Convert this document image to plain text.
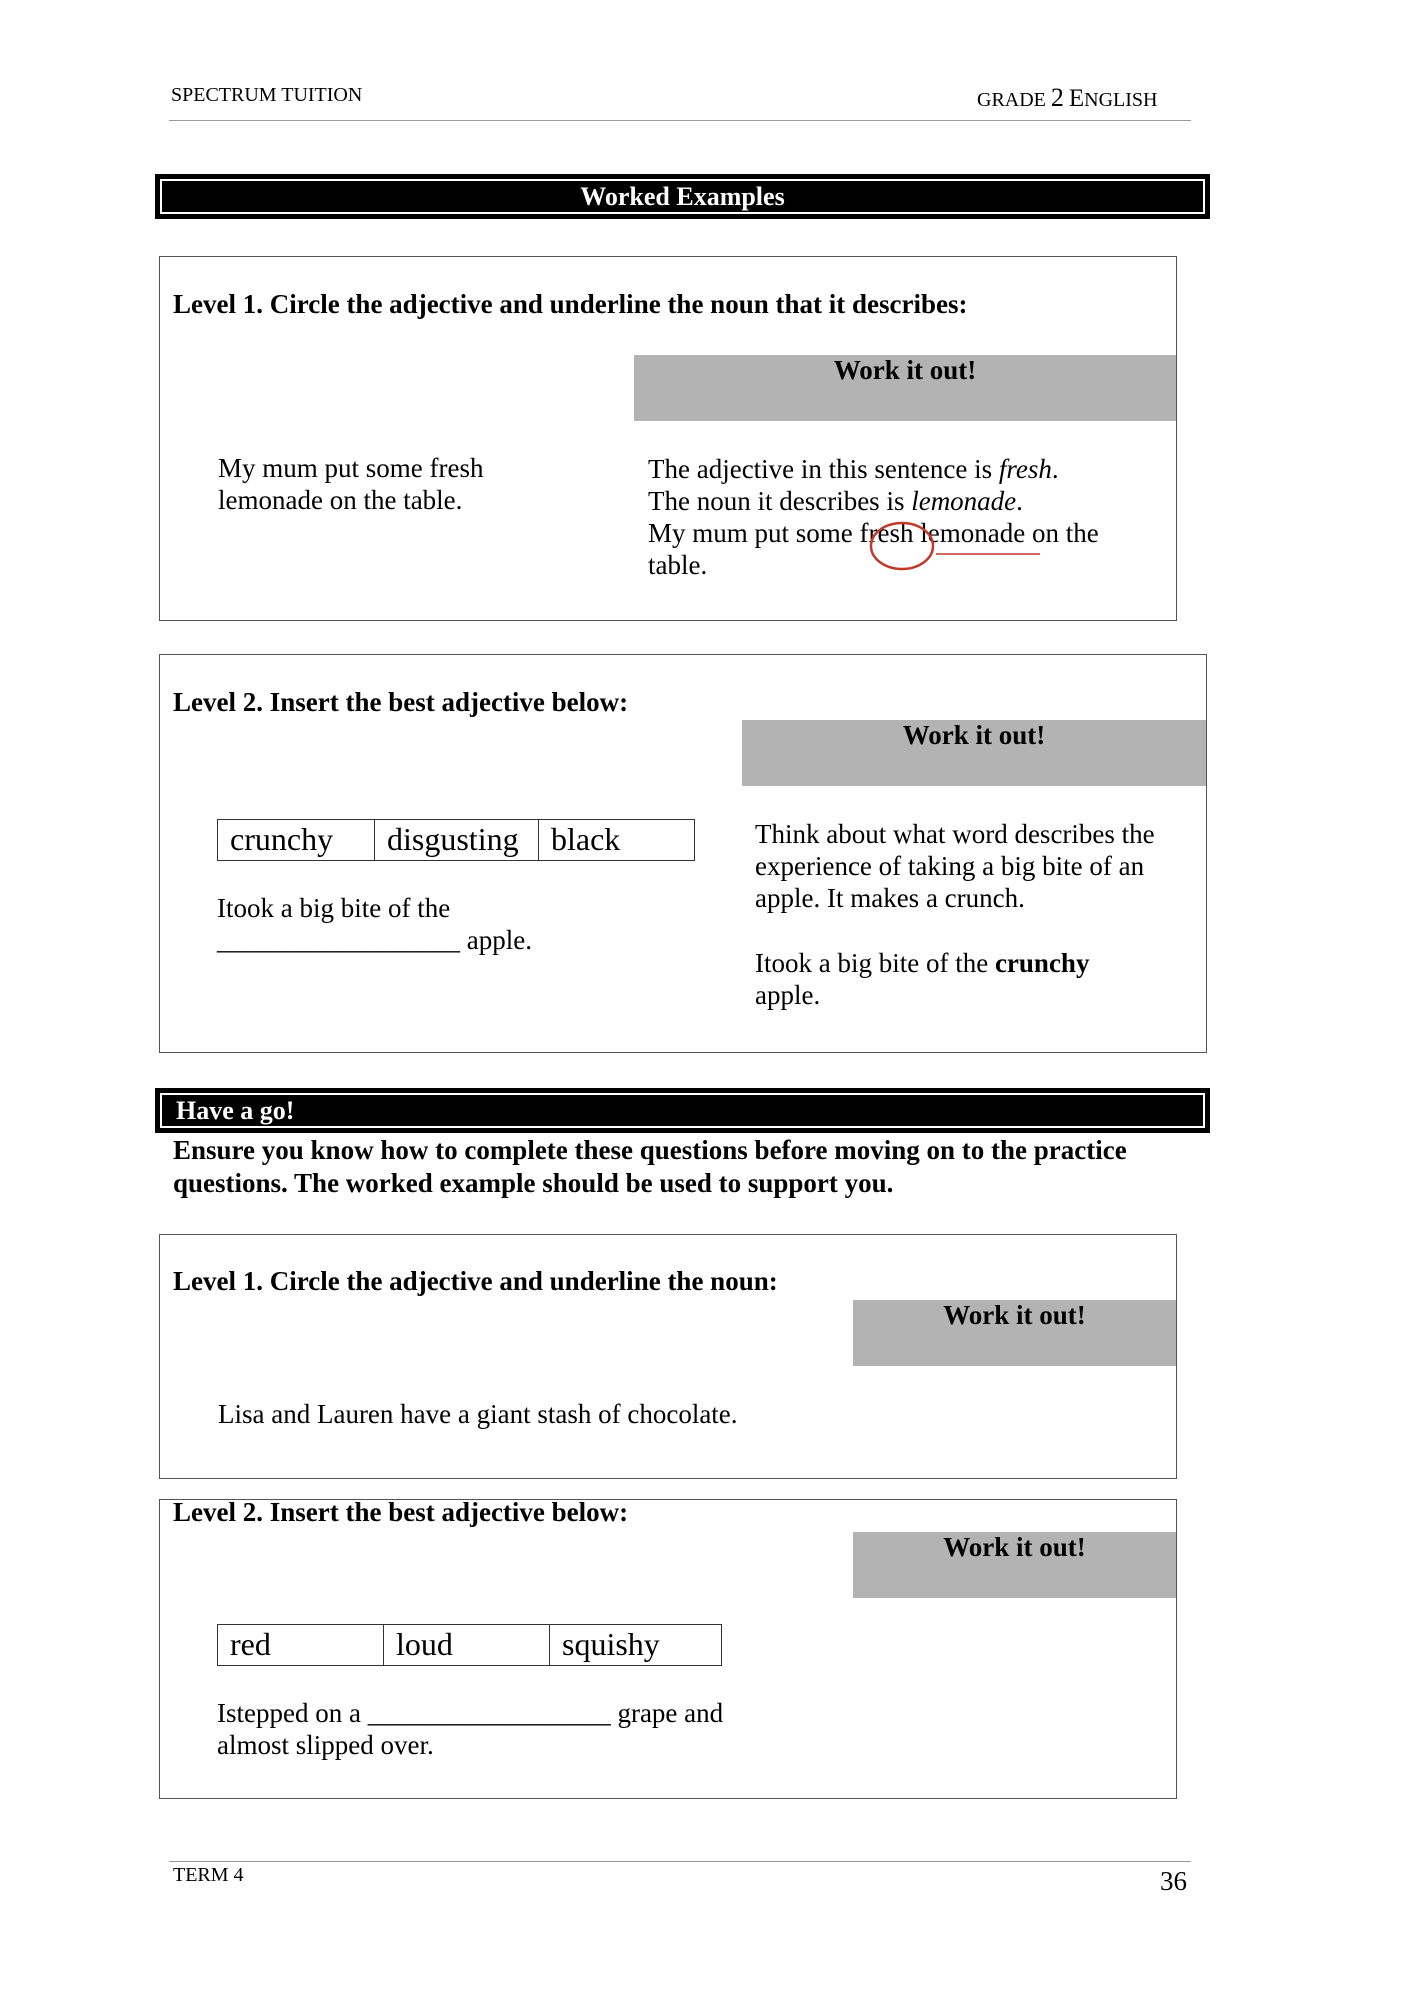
SPECTRUM TUITION	GRADE 2 ENGLISH
Worked Examples
Level 1. Circle the adjective and underline the noun that it describes:
Work it out!
My mum put some fresh
lemonade on the table.
The adjective in this sentence is fresh.
The noun it describes is lemonade.
My mum put some fresh lemonade on the
table.
Level 2. Insert the best adjective below:
Work it out!
crunchy	disgusting	black
Itook a big bite of the
__________________ apple.
Think about what word describes the
experience of taking a big bite of an
apple. It makes a crunch.
Itook a big bite of the crunchy
apple.
Have a go!
Ensure you know how to complete these questions before moving on to the practice
questions. The worked example should be used to support you.
Level 1. Circle the adjective and underline the noun:
Work it out!
Lisa and Lauren have a giant stash of chocolate.
Level 2. Insert the best adjective below:
Work it out!
red	loud	squishy
Istepped on a __________________ grape and
almost slipped over.
TERM 4	36
